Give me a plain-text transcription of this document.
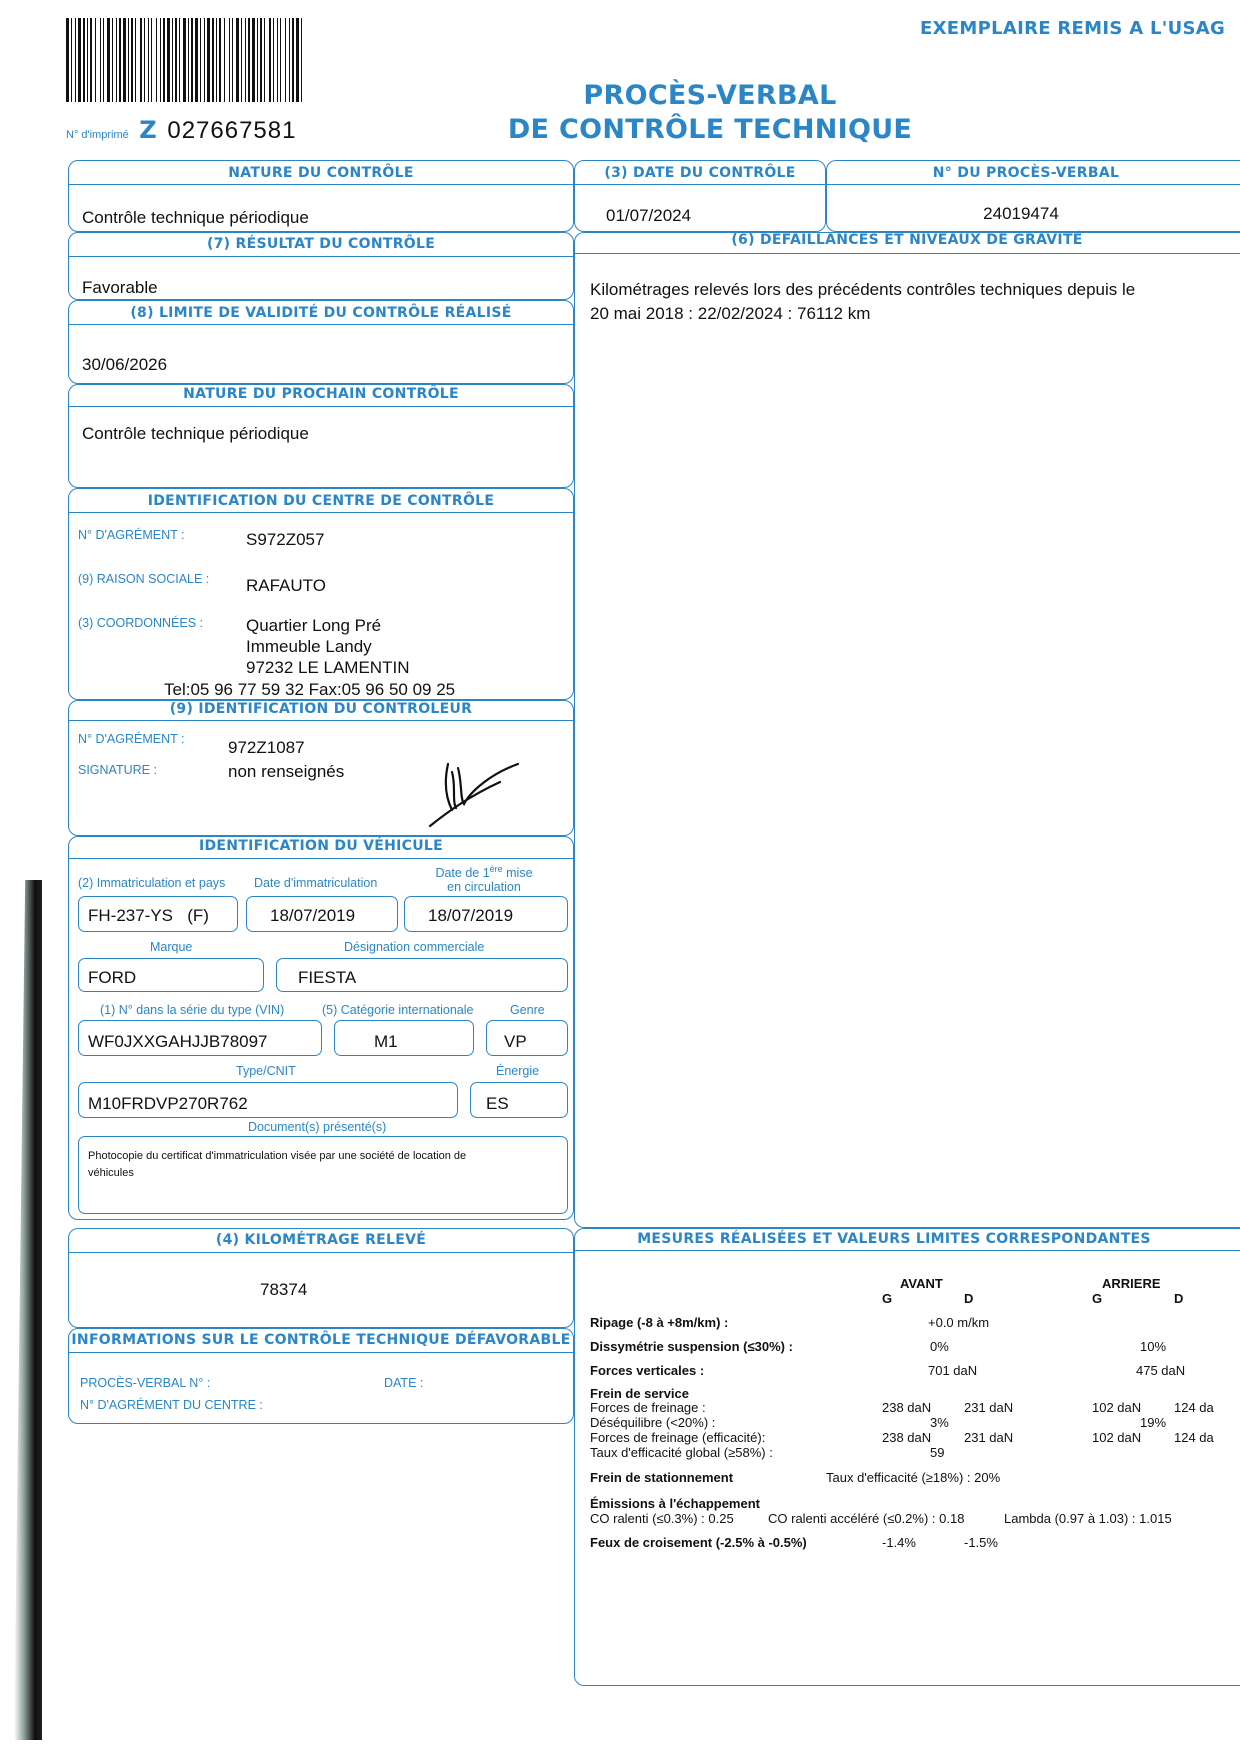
EXEMPLAIRE REMIS A L'USAG
PROCÈS-VERBAL
DE CONTRÔLE TECHNIQUE
N° d'imprimé Z 027667581
NATURE DU CONTRÔLE
Contrôle technique périodique
(3) DATE DU CONTRÔLE
01/07/2024
N° DU PROCÈS-VERBAL
24019474
(7) RÉSULTAT DU CONTRÔLE
Favorable
(6) DÉFAILLANCES ET NIVEAUX DE GRAVITÉ
Kilométrages relevés lors des précédents contrôles techniques depuis le
20 mai 2018 : 22/02/2024 : 76112 km
(8) LIMITE DE VALIDITÉ DU CONTRÔLE RÉALISÉ
30/06/2026
NATURE DU PROCHAIN CONTRÔLE
Contrôle technique périodique
IDENTIFICATION DU CENTRE DE CONTRÔLE
N° D'AGRÉMENT :	S972Z057
(9) RAISON SOCIALE : RAFAUTO
(3) COORDONNÉES :	Quartier Long Pré
Immeuble Landy
97232 LE LAMENTIN
Tel:05 96 77 59 32 Fax:05 96 50 09 25
(9) IDENTIFICATION DU CONTRÔLEUR
N° D'AGRÉMENT :	972Z1087
SIGNATURE :	non renseignés
IDENTIFICATION DU VÉHICULE
(2) Immatriculation et pays Date d'immatriculation
Date de 1ère mise
en circulation
FH-237-YS   (F)	18/07/2019	18/07/2019
Marque	Désignation commerciale
FORD	FIESTA
(1) N° dans la série du type (VIN)	(5) Catégorie internationale	Genre
WF0JXXGAHJJB78097	M1	VP
Type/CNIT	Énergie
M10FRDVP270R762	ES
Document(s) présenté(s)
Photocopie du certificat d'immatriculation visée par une société de location de
véhicules
(4) KILOMÉTRAGE RELEVÉ
78374
INFORMATIONS SUR LE CONTRÔLE TECHNIQUE DÉFAVORABLE
PROCÈS-VERBAL N° :	DATE :
N° D'AGRÉMENT DU CENTRE :
MESURES RÉALISÉES ET VALEURS LIMITES CORRESPONDANTES
AVANT	ARRIERE
G	D	G	D
Ripage (-8 à +8m/km) :	+0.0 m/km
Dissymétrie suspension (≤30%) :	0%	10%
Forces verticales :	701 daN	475 daN
Frein de service
Forces de freinage :	238 daN	231 daN	102 daN	124 da
Déséquilibre (<20%) :	3%	19%
Forces de freinage (efficacité):	238 daN	231 daN	102 daN	124 da
Taux d'efficacité global (≥58%) :	59
Frein de stationnement	Taux d'efficacité (≥18%) : 20%
Émissions à l'échappement
CO ralenti (≤0.3%) : 0.25	CO ralenti accéléré (≤0.2%) : 0.18	Lambda (0.97 à 1.03) : 1.015
Feux de croisement (-2.5% à -0.5%)	-1.4%	-1.5%
